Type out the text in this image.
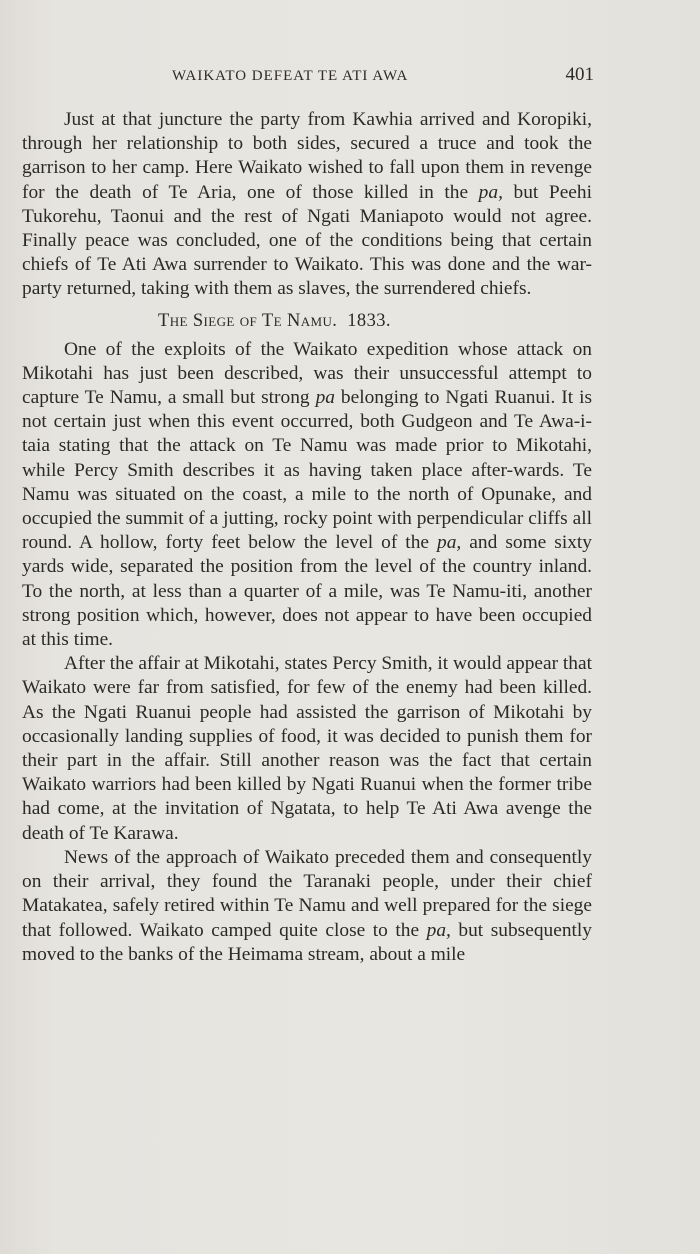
WAIKATO DEFEAT TE ATI AWA	401

Just at that juncture the party from Kawhia arrived and Koropiki, through her relationship to both sides, secured a truce and took the garrison to her camp. Here Waikato wished to fall upon them in revenge for the death of Te Aria, one of those killed in the pa, but Peehi Tukorehu, Taonui and the rest of Ngati Maniapoto would not agree. Finally peace was concluded, one of the conditions being that certain chiefs of Te Ati Awa surrender to Waikato. This was done and the war-party returned, taking with them as slaves, the surrendered chiefs.

The Siege of Te Namu. 1833.

One of the exploits of the Waikato expedition whose attack on Mikotahi has just been described, was their unsuccessful attempt to capture Te Namu, a small but strong pa belonging to Ngati Ruanui. It is not certain just when this event occurred, both Gudgeon and Te Awa-i-taia stating that the attack on Te Namu was made prior to Mikotahi, while Percy Smith describes it as having taken place after-wards. Te Namu was situated on the coast, a mile to the north of Opunake, and occupied the summit of a jutting, rocky point with perpendicular cliffs all round. A hollow, forty feet below the level of the pa, and some sixty yards wide, separated the position from the level of the country inland. To the north, at less than a quarter of a mile, was Te Namu-iti, another strong position which, however, does not appear to have been occupied at this time.

After the affair at Mikotahi, states Percy Smith, it would appear that Waikato were far from satisfied, for few of the enemy had been killed. As the Ngati Ruanui people had assisted the garrison of Mikotahi by occasionally landing supplies of food, it was decided to punish them for their part in the affair. Still another reason was the fact that certain Waikato warriors had been killed by Ngati Ruanui when the former tribe had come, at the invitation of Ngatata, to help Te Ati Awa avenge the death of Te Karawa.

News of the approach of Waikato preceded them and consequently on their arrival, they found the Taranaki people, under their chief Matakatea, safely retired within Te Namu and well prepared for the siege that followed. Waikato camped quite close to the pa, but subsequently moved to the banks of the Heimama stream, about a mile
